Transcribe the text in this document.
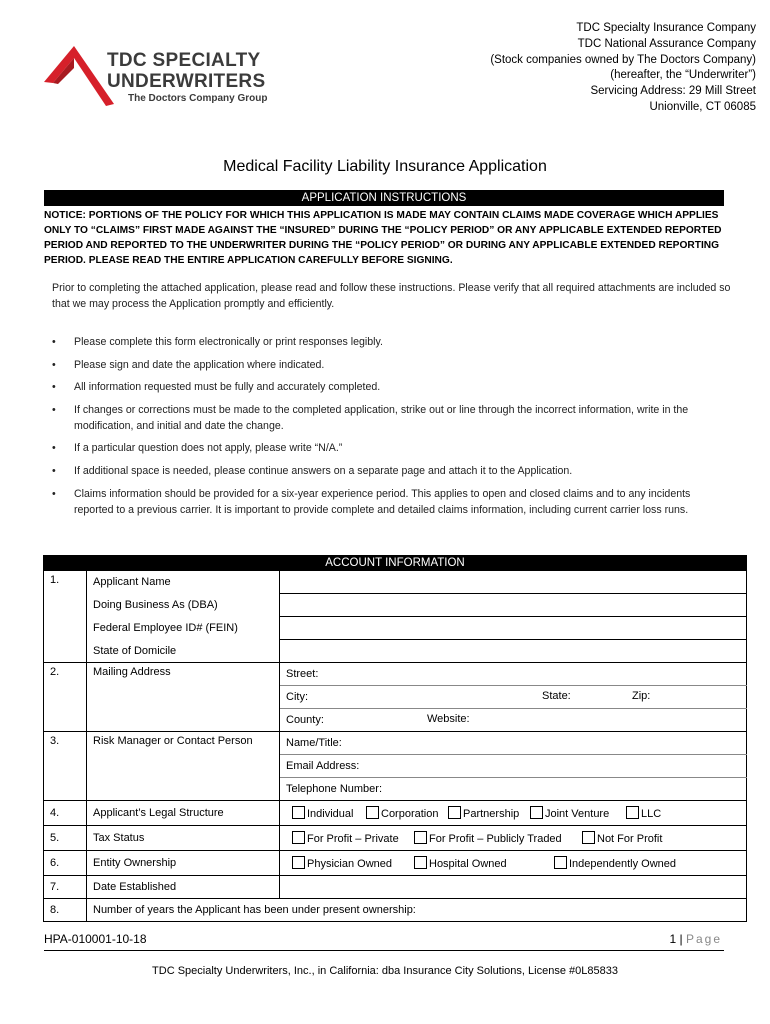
TDC SPECIALTY
UNDERWRITERS
The Doctors Company Group
TDC Specialty Insurance Company
TDC National Assurance Company
(Stock companies owned by The Doctors Company)
(hereafter, the “Underwriter”)
Servicing Address: 29 Mill Street
Unionville, CT 06085
Medical Facility Liability Insurance Application
APPLICATION INSTRUCTIONS
NOTICE: PORTIONS OF THE POLICY FOR WHICH THIS APPLICATION IS MADE MAY CONTAIN CLAIMS MADE COVERAGE WHICH APPLIES ONLY TO “CLAIMS” FIRST MADE AGAINST THE “INSURED” DURING THE “POLICY PERIOD” OR ANY APPLICABLE EXTENDED REPORTED PERIOD AND REPORTED TO THE UNDERWRITER DURING THE “POLICY PERIOD” OR DURING ANY APPLICABLE EXTENDED REPORTING PERIOD. PLEASE READ THE ENTIRE APPLICATION CAREFULLY BEFORE SIGNING.
Prior to completing the attached application, please read and follow these instructions. Please verify that all required attachments are included so that we may process the Application promptly and efficiently.
• Please complete this form electronically or print responses legibly.
• Please sign and date the application where indicated.
• All information requested must be fully and accurately completed.
• If changes or corrections must be made to the completed application, strike out or line through the incorrect information, write in the modification, and initial and date the change.
• If a particular question does not apply, please write “N/A.”
• If additional space is needed, please continue answers on a separate page and attach it to the Application.
• Claims information should be provided for a six-year experience period. This applies to open and closed claims and to any incidents reported to a previous carrier. It is important to provide complete and detailed claims information, including current carrier loss runs.
ACCOUNT INFORMATION
1.	Applicant Name	
	Doing Business As (DBA)	
	Federal Employee ID# (FEIN)	
	State of Domicile	
2.	Mailing Address	Street:
		City: State: Zip:

		County: Website:

3.	Risk Manager or Contact Person	Name/Title:
		Email Address:
		Telephone Number:
4.	Applicant’s Legal Structure	Individual Corporation Partnership Joint Venture LLC

5.	Tax Status	For Profit – Private For Profit – Publicly Traded Not For Profit

6.	Entity Ownership	Physician Owned Hospital Owned Independently Owned

7.	Date Established	
8.	Number of years the Applicant has been under present ownership:	
HPA-010001-10-18	1 | Page
TDC Specialty Underwriters, Inc., in California: dba Insurance City Solutions, License #0L85833
